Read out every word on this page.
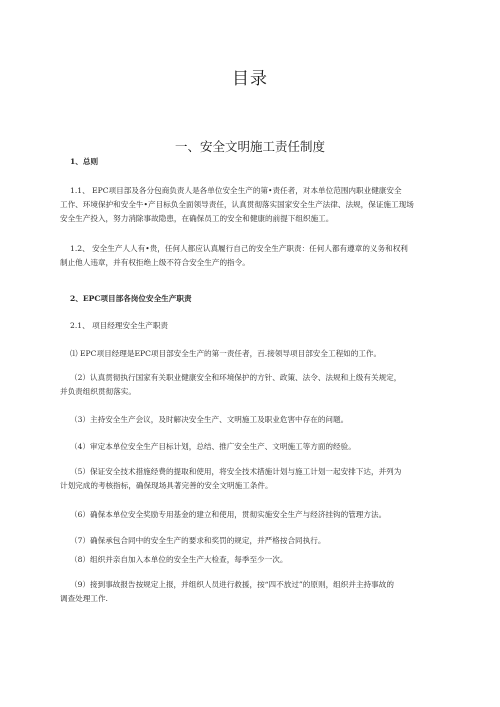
目录
一、安全文明施工责任制度
1、总则
1.1、 EPC项目部及各分包商负责人是各单位安全生产的第•责任者，对本单位范围内职业健康安全
工作、环境保护和安全牛•产目标负全面领导责任，认真贯彻落实国家安全生产法律、法规，保证施工现场
安全生产投入，努力消除事故隐患，在确保员工的安全和健康的前提下组织施工。
1.2、 安全生产人人有•贵，任何人都应认真履行自己的安全生产职责：任何人都有遵章的义务和权利
制止他人违章，并有权拒绝上级不符合安全生产的指令。
2、EPC项目部各岗位安全生产职责
2.1、 项目经理安全生产职责
⑴ EPC项目经理是EPC项目部安全生产的第一责任者，百.接领导项目部安全工程如的工作。
（2）认真贯彻执行国家有关职业健康安全和环境保护的方针、政策、法令、法规和上级有关规定，
并负责组织贯彻落实。
（3）主持安全生产会议，及时解决安全生产、文明施工及职业危害中存在的问题。
（4）审定本单位安全生产目标计划，总结、推广安全生产、文明施工等方面的经验。
（5）保证安全技术措施经费的提取和使用，将安全技术措施计划与施工计划一起安排下达，并列为
计划完成的考核指标，确保现场具著完善的安全文明施工条件。
（6）确保本单位安全奖励专用基金的建立和使用，贯彻实施安全生产与经济挂钩的管理方法。
（7）确保承包合同中的安全生产的要求和奖罚的规定，并严格按合同执行。
（8）组织并亲自加入本单位的安全生产大检查，每季至少一次。
（9）接到事故报告按规定上报，并组织人员进行救援，按“四不放过”的原则，组织并主持事故的
调查处理工作.
